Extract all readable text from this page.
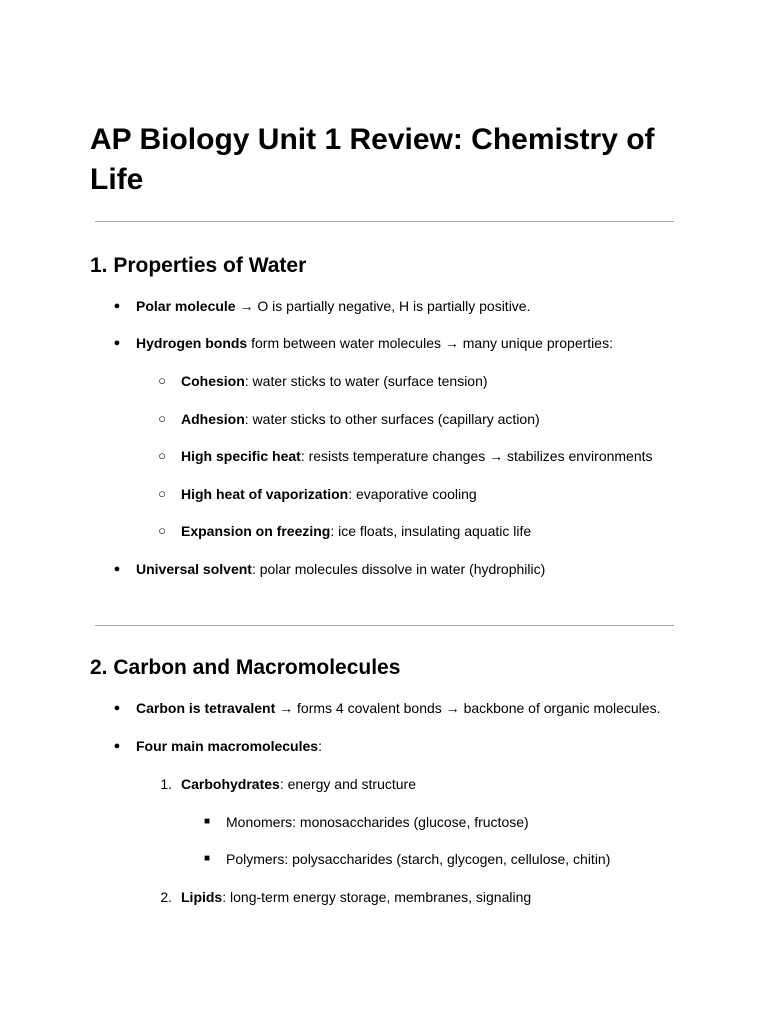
AP Biology Unit 1 Review: Chemistry of Life
1. Properties of Water
● Polar molecule → O is partially negative, H is partially positive.
● Hydrogen bonds form between water molecules → many unique properties:
○ Cohesion: water sticks to water (surface tension)
○ Adhesion: water sticks to other surfaces (capillary action)
○ High specific heat: resists temperature changes → stabilizes environments
○ High heat of vaporization: evaporative cooling
○ Expansion on freezing: ice floats, insulating aquatic life
● Universal solvent: polar molecules dissolve in water (hydrophilic)
2. Carbon and Macromolecules
● Carbon is tetravalent → forms 4 covalent bonds → backbone of organic molecules.
● Four main macromolecules:
1. Carbohydrates: energy and structure
■ Monomers: monosaccharides (glucose, fructose)
■ Polymers: polysaccharides (starch, glycogen, cellulose, chitin)
2. Lipids: long-term energy storage, membranes, signaling
